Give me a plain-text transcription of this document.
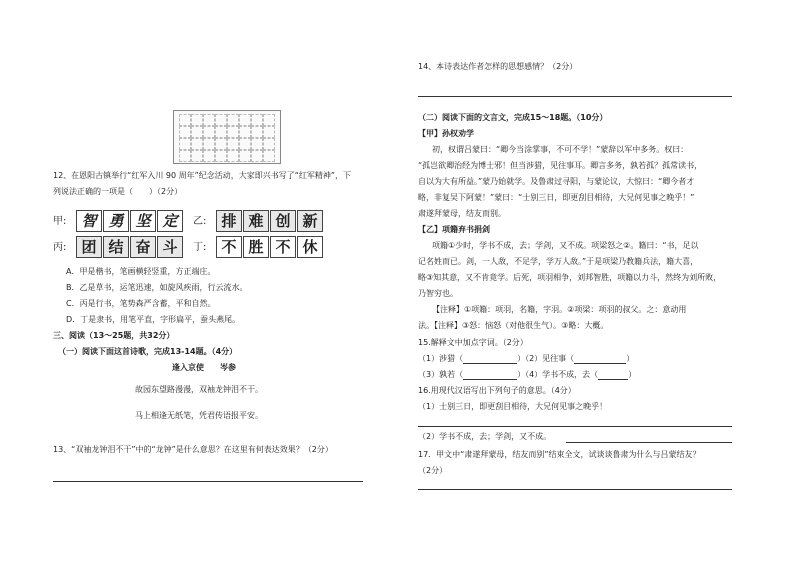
12、在恩阳古镇举行“红军入川 90 周年”纪念活动，大家即兴书写了“红军精神”，下
列说法正确的一项是（　　）（2分）
甲:	智 勇 坚 定	乙:	排 难 创 新
丙:	团 结 奋 斗	丁:	不 胜 不 休
A．甲是楷书，笔画横轻竖重，方正端庄。
B．乙是草书，运笔迅速，如旋风疾雨，行云流水。
C．丙是行书，笔势森严含蓄，平和自然。
D．丁是隶书，用笔平直，字形扁平，蚕头燕尾。
三、阅读（13～25题，共32分）
（一）阅读下面这首诗歌，完成13-14题。（4分）
逢入京使　　岑参
故园东望路漫漫，双袖龙钟泪不干。
马上相逢无纸笔，凭君传语报平安。
13、“双袖龙钟泪不干”中的“龙钟”是什么意思？在这里有何表达效果？（2分）
14、本诗表达作者怎样的思想感情？（2分）
（二）阅读下面的文言文，完成15～18题。（10分）
【甲】孙权劝学
初，权谓吕蒙曰：“卿今当涂掌事，不可不学！”蒙辞以军中多务。权曰：
“孤岂欲卿治经为博士邪！但当涉猎，见往事耳。卿言多务，孰若孤？孤常读书，
自以为大有所益。”蒙乃始就学。及鲁肃过寻阳，与蒙论议，大惊曰：“卿今者才
略，非复吴下阿蒙！”蒙曰：“士别三日，即更刮目相待，大兄何见事之晚乎！”
肃遂拜蒙母，结友而别。
【乙】项籍弃书捐剑
项籍①少时，学书不成，去；学剑，又不成。项梁怒之②。籍曰：“书，足以
记名姓而已。剑，一人敌，不足学，学万人敌。”于是项梁乃教籍兵法，籍大喜，
略③知其意，又不肯竟学。后死，项羽相争，刘邦智胜，项籍以力斗，然终为刘所败，
乃智穷也。
【注释】①项籍：项羽，名籍，字羽。②项梁：项羽的叔父。之：意动用
法。【注释】③怒：恼怒（对他很生气）。③略：大概。
15.解释文中加点字词。（2分）
（1）涉猎（	）（2）见往事（	）
（3）孰若（	）（4）学书不成，去（	）
16.用现代汉语写出下列句子的意思。（4分）
（1）士别三日，即更刮目相待，大兄何见事之晚乎！
（2）学书不成，去；学剑，又不成。
17．甲文中“肃遂拜蒙母，结友而别”结束全文，试谈谈鲁肃为什么与吕蒙结友？
（2分）
